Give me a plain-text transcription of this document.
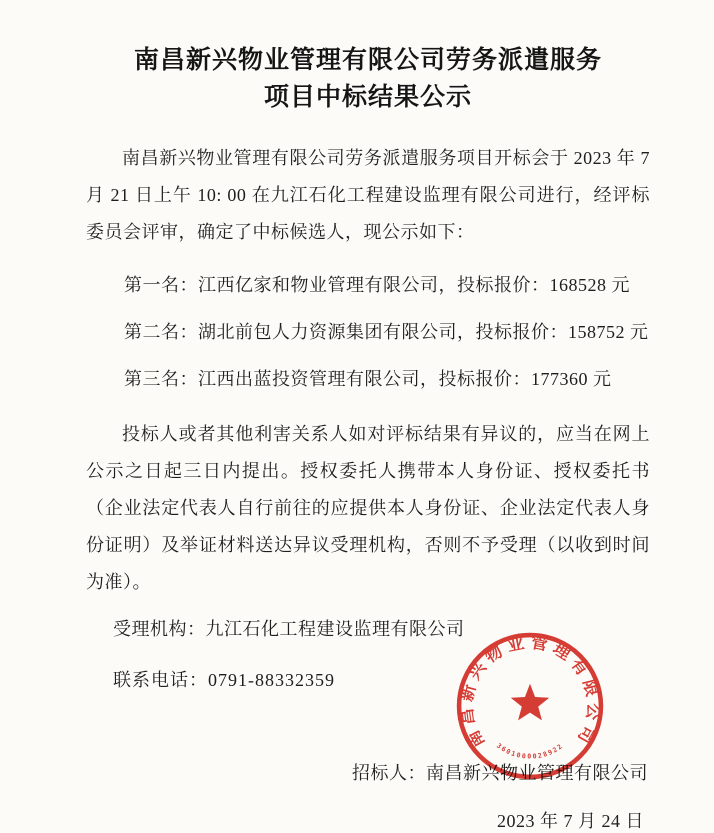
南昌新兴物业管理有限公司劳务派遣服务
项目中标结果公示

南昌新兴物业管理有限公司劳务派遣服务项目开标会于 2023 年 7 月 21 日上午 10: 00 在九江石化工程建设监理有限公司进行，经评标委员会评审，确定了中标候选人，现公示如下：

第一名：江西亿家和物业管理有限公司，投标报价：168528 元

第二名：湖北前包人力资源集团有限公司，投标报价：158752 元

第三名：江西出蓝投资管理有限公司，投标报价：177360 元

投标人或者其他利害关系人如对评标结果有异议的，应当在网上公示之日起三日内提出。授权委托人携带本人身份证、授权委托书（企业法定代表人自行前往的应提供本人身份证、企业法定代表人身份证明）及举证材料送达异议受理机构，否则不予受理（以收到时间为准）。

受理机构：九江石化工程建设监理有限公司

联系电话：0791-88332359

招标人：南昌新兴物业管理有限公司

2023 年 7 月 24 日

南昌新兴物业管理有限公司
3601000028922
